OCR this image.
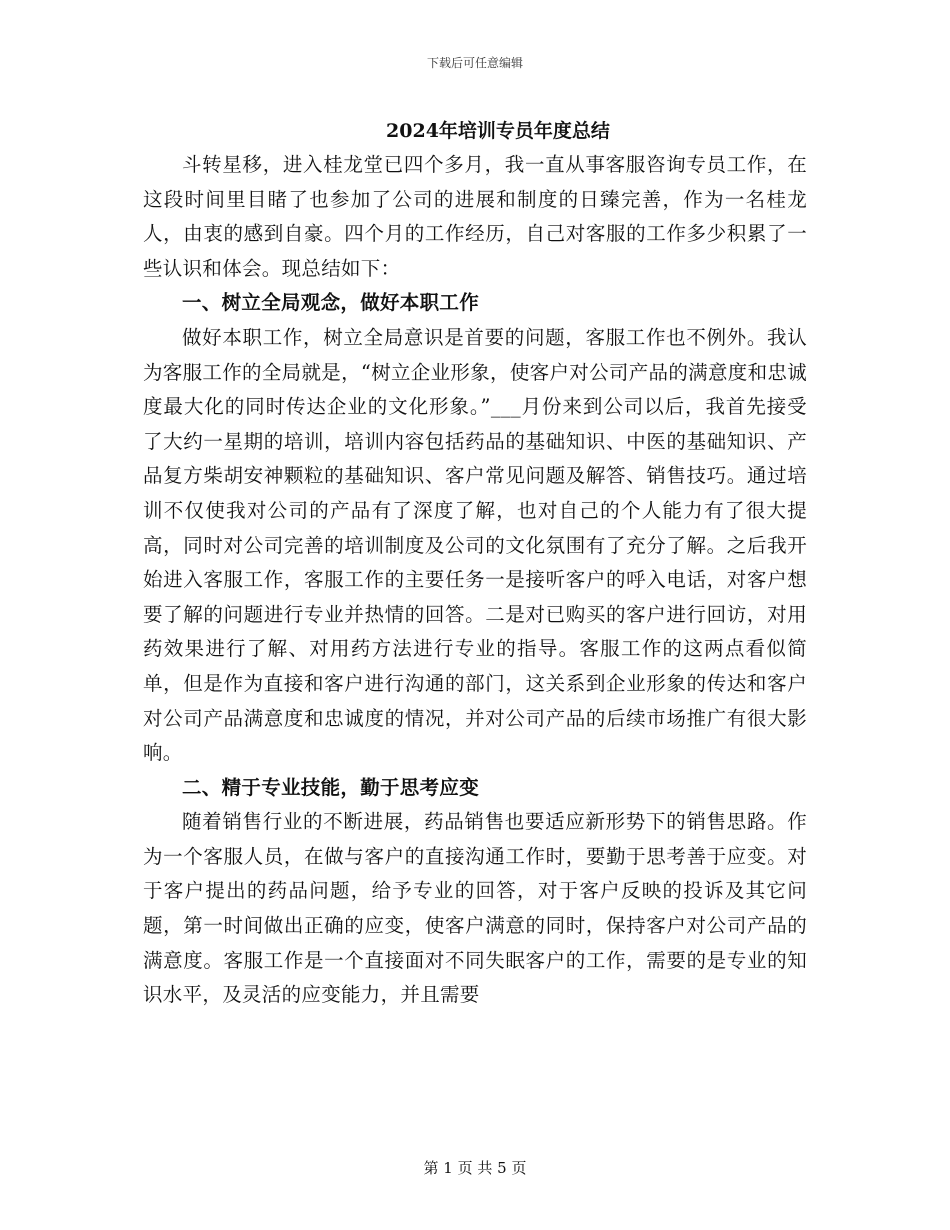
下载后可任意编辑
2024年培训专员年度总结

斗转星移，进入桂龙堂已四个多月，我一直从事客服咨询专员工作，在这段时间里目睹了也参加了公司的进展和制度的日臻完善，作为一名桂龙人，由衷的感到自豪。四个月的工作经历，自己对客服的工作多少积累了一些认识和体会。现总结如下：

一、树立全局观念，做好本职工作

做好本职工作，树立全局意识是首要的问题，客服工作也不例外。我认为客服工作的全局就是，“树立企业形象，使客户对公司产品的满意度和忠诚度最大化的同时传达企业的文化形象。”___月份来到公司以后，我首先接受了大约一星期的培训，培训内容包括药品的基础知识、中医的基础知识、产品复方柴胡安神颗粒的基础知识、客户常见问题及解答、销售技巧。通过培训不仅使我对公司的产品有了深度了解，也对自己的个人能力有了很大提高，同时对公司完善的培训制度及公司的文化氛围有了充分了解。之后我开始进入客服工作，客服工作的主要任务一是接听客户的呼入电话，对客户想要了解的问题进行专业并热情的回答。二是对已购买的客户进行回访，对用药效果进行了解、对用药方法进行专业的指导。客服工作的这两点看似简单，但是作为直接和客户进行沟通的部门，这关系到企业形象的传达和客户对公司产品满意度和忠诚度的情况，并对公司产品的后续市场推广有很大影响。

二、精于专业技能，勤于思考应变

随着销售行业的不断进展，药品销售也要适应新形势下的销售思路。作为一个客服人员，在做与客户的直接沟通工作时，要勤于思考善于应变。对于客户提出的药品问题，给予专业的回答，对于客户反映的投诉及其它问题，第一时间做出正确的应变，使客户满意的同时，保持客户对公司产品的满意度。客服工作是一个直接面对不同失眠客户的工作，需要的是专业的知识水平，及灵活的应变能力，并且需要

第 1 页 共 5 页
